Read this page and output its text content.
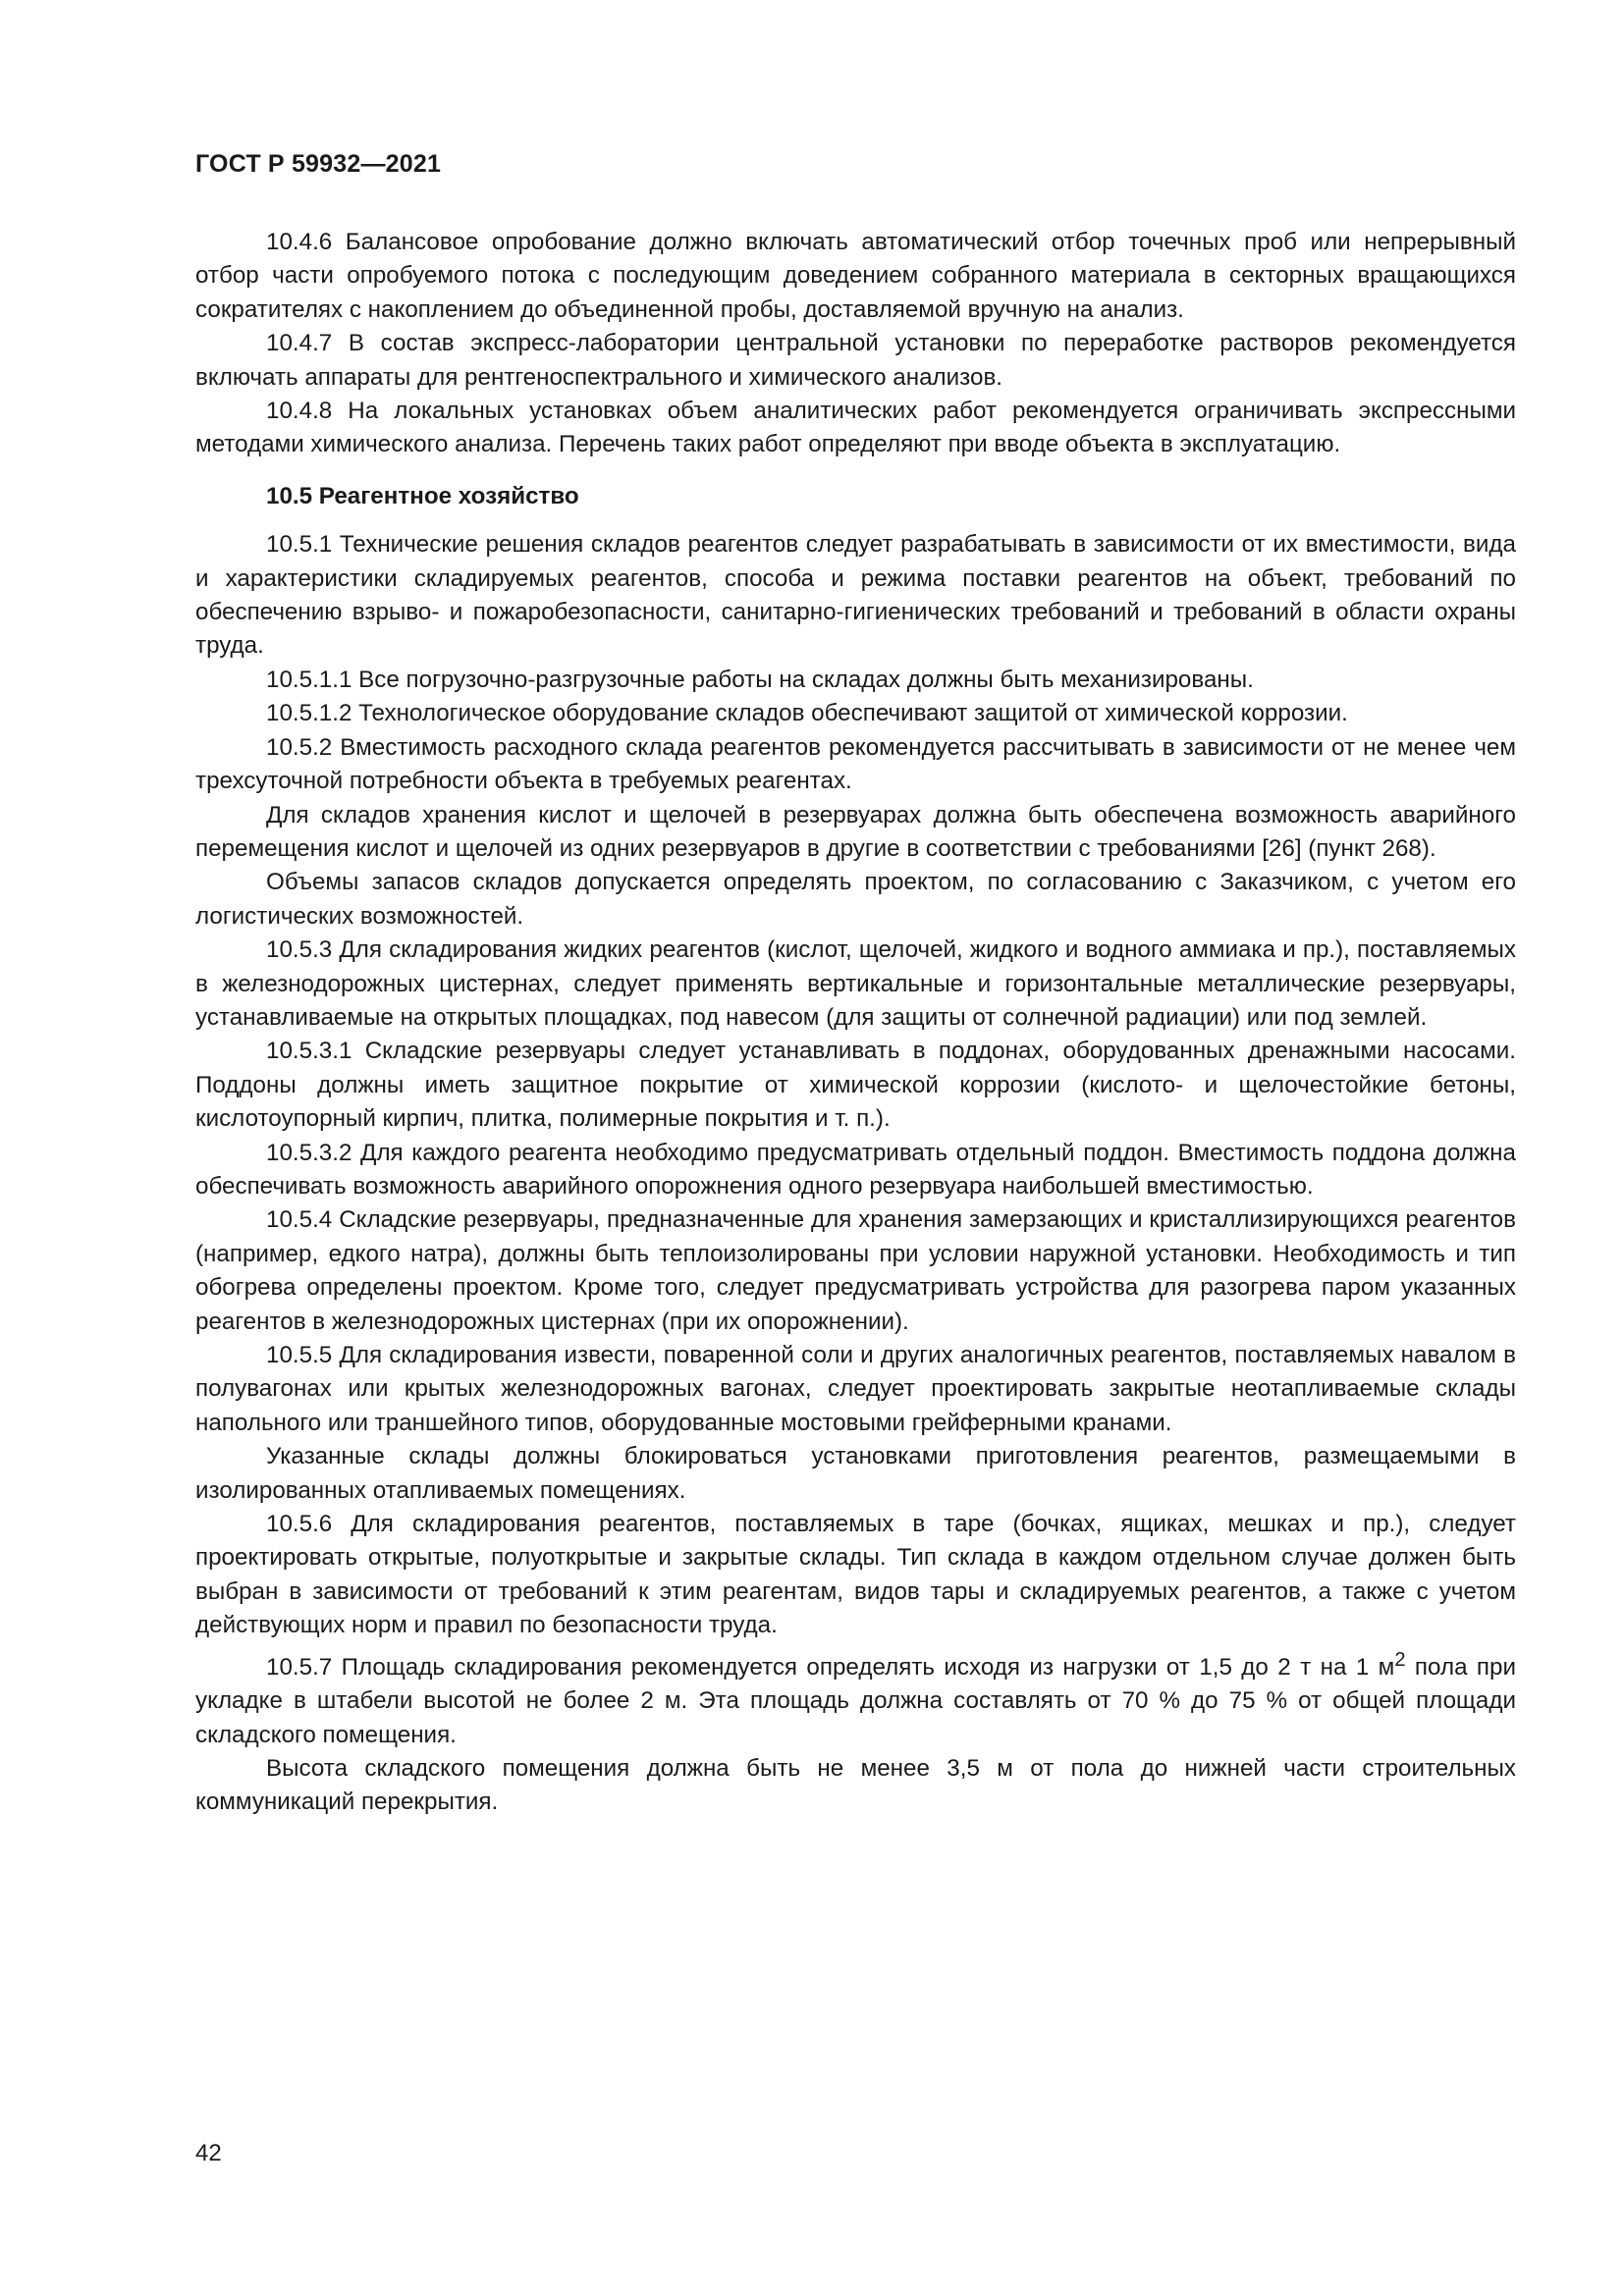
ГОСТ Р 59932—2021

10.4.6 Балансовое опробование должно включать автоматический отбор точечных проб или непрерывный отбор части опробуемого потока с последующим доведением собранного материала в секторных вращающихся сократителях с накоплением до объединенной пробы, доставляемой вручную на анализ.

10.4.7 В состав экспресс-лаборатории центральной установки по переработке растворов рекомендуется включать аппараты для рентгеноспектрального и химического анализов.

10.4.8 На локальных установках объем аналитических работ рекомендуется ограничивать экспрессными методами химического анализа. Перечень таких работ определяют при вводе объекта в эксплуатацию.

10.5 Реагентное хозяйство

10.5.1 Технические решения складов реагентов следует разрабатывать в зависимости от их вместимости, вида и характеристики складируемых реагентов, способа и режима поставки реагентов на объект, требований по обеспечению взрыво- и пожаробезопасности, санитарно-гигиенических требований и требований в области охраны труда.

10.5.1.1 Все погрузочно-разгрузочные работы на складах должны быть механизированы.

10.5.1.2 Технологическое оборудование складов обеспечивают защитой от химической коррозии.

10.5.2 Вместимость расходного склада реагентов рекомендуется рассчитывать в зависимости от не менее чем трехсуточной потребности объекта в требуемых реагентах.

Для складов хранения кислот и щелочей в резервуарах должна быть обеспечена возможность аварийного перемещения кислот и щелочей из одних резервуаров в другие в соответствии с требованиями [26] (пункт 268).

Объемы запасов складов допускается определять проектом, по согласованию с Заказчиком, с учетом его логистических возможностей.

10.5.3 Для складирования жидких реагентов (кислот, щелочей, жидкого и водного аммиака и пр.), поставляемых в железнодорожных цистернах, следует применять вертикальные и горизонтальные металлические резервуары, устанавливаемые на открытых площадках, под навесом (для защиты от солнечной радиации) или под землей.

10.5.3.1 Складские резервуары следует устанавливать в поддонах, оборудованных дренажными насосами. Поддоны должны иметь защитное покрытие от химической коррозии (кислото- и щелочестойкие бетоны, кислотоупорный кирпич, плитка, полимерные покрытия и т. п.).

10.5.3.2 Для каждого реагента необходимо предусматривать отдельный поддон. Вместимость поддона должна обеспечивать возможность аварийного опорожнения одного резервуара наибольшей вместимостью.

10.5.4 Складские резервуары, предназначенные для хранения замерзающих и кристаллизирующихся реагентов (например, едкого натра), должны быть теплоизолированы при условии наружной установки. Необходимость и тип обогрева определены проектом. Кроме того, следует предусматривать устройства для разогрева паром указанных реагентов в железнодорожных цистернах (при их опорожнении).

10.5.5 Для складирования извести, поваренной соли и других аналогичных реагентов, поставляемых навалом в полувагонах или крытых железнодорожных вагонах, следует проектировать закрытые неотапливаемые склады напольного или траншейного типов, оборудованные мостовыми грейферными кранами.

Указанные склады должны блокироваться установками приготовления реагентов, размещаемыми в изолированных отапливаемых помещениях.

10.5.6 Для складирования реагентов, поставляемых в таре (бочках, ящиках, мешках и пр.), следует проектировать открытые, полуоткрытые и закрытые склады. Тип склада в каждом отдельном случае должен быть выбран в зависимости от требований к этим реагентам, видов тары и складируемых реагентов, а также с учетом действующих норм и правил по безопасности труда.

10.5.7 Площадь складирования рекомендуется определять исходя из нагрузки от 1,5 до 2 т на 1 $м^2$ пола при укладке в штабели высотой не более 2 м. Эта площадь должна составлять от 70 % до 75 % от общей площади складского помещения.

Высота складского помещения должна быть не менее 3,5 м от пола до нижней части строительных коммуникаций перекрытия.

42
